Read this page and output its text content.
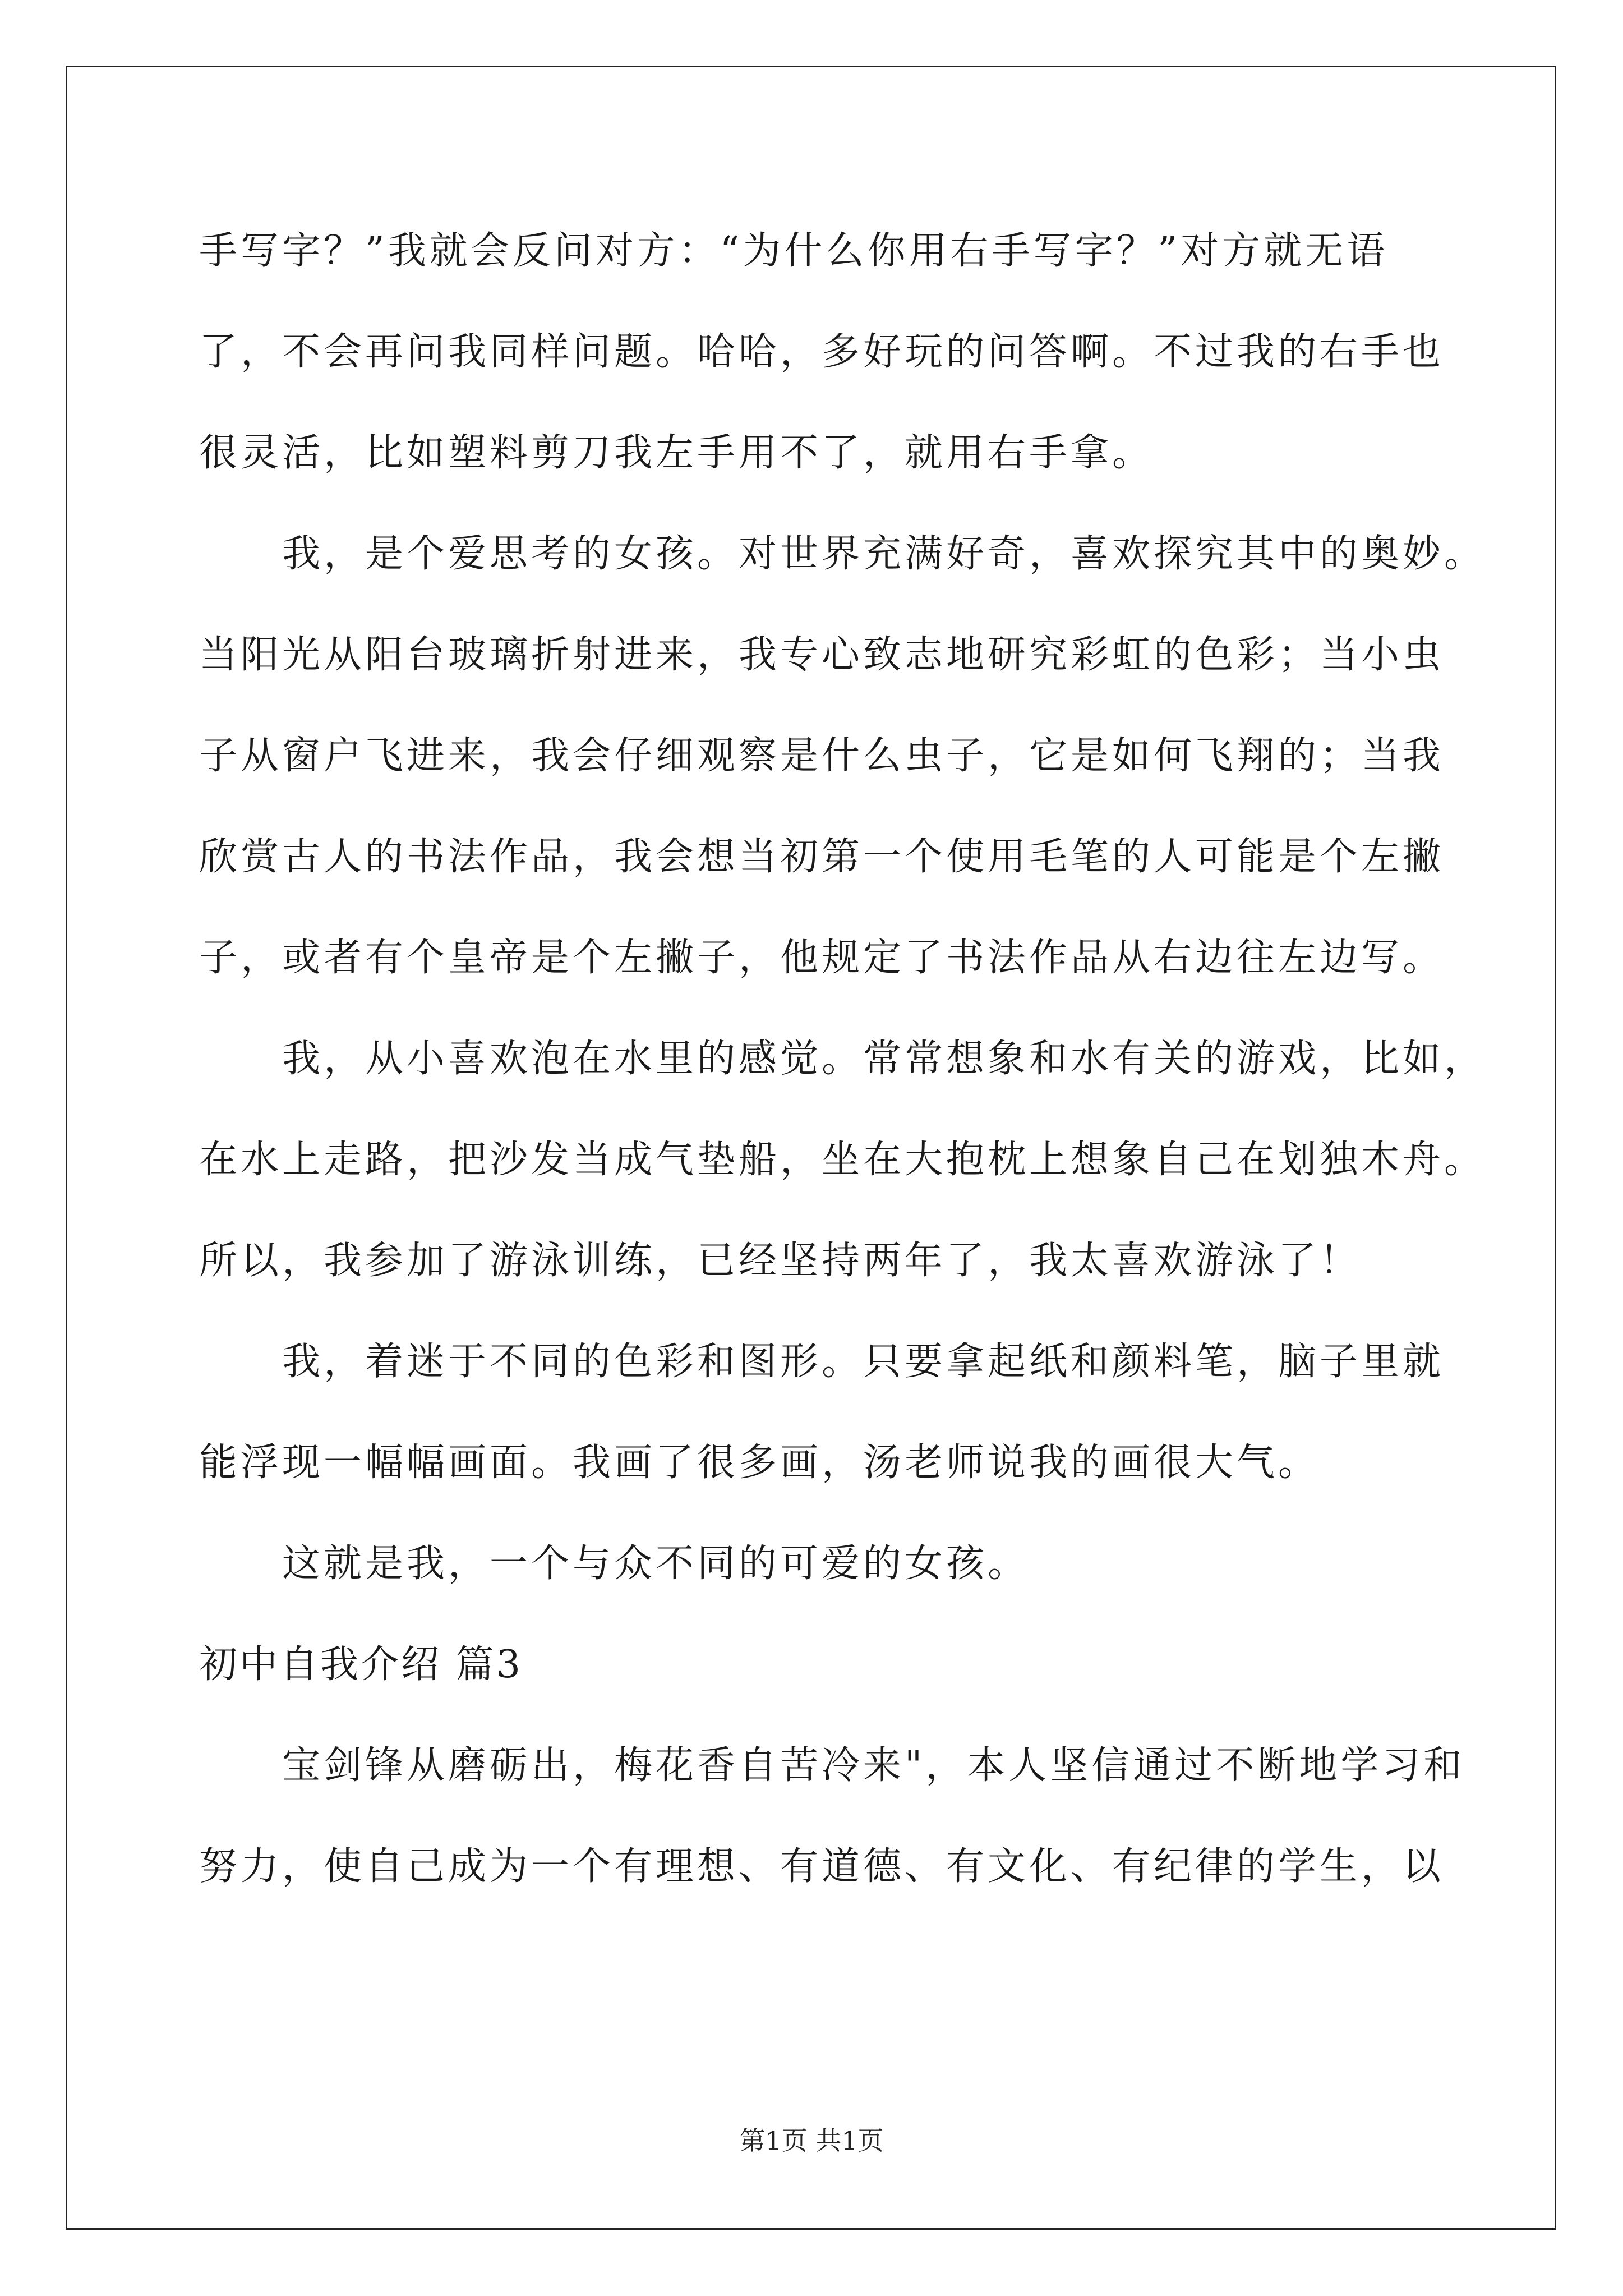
手写字？”我就会反问对方：“为什么你用右手写字？”对方就无语
了，不会再问我同样问题。哈哈，多好玩的问答啊。不过我的右手也
很灵活，比如塑料剪刀我左手用不了，就用右手拿。
我，是个爱思考的女孩。对世界充满好奇，喜欢探究其中的奥妙。
当阳光从阳台玻璃折射进来，我专心致志地研究彩虹的色彩；当小虫
子从窗户飞进来，我会仔细观察是什么虫子，它是如何飞翔的；当我
欣赏古人的书法作品，我会想当初第一个使用毛笔的人可能是个左撇
子，或者有个皇帝是个左撇子，他规定了书法作品从右边往左边写。
我，从小喜欢泡在水里的感觉。常常想象和水有关的游戏，比如，
在水上走路，把沙发当成气垫船，坐在大抱枕上想象自己在划独木舟。
所以，我参加了游泳训练，已经坚持两年了，我太喜欢游泳了！
我，着迷于不同的色彩和图形。只要拿起纸和颜料笔，脑子里就
能浮现一幅幅画面。我画了很多画，汤老师说我的画很大气。
这就是我，一个与众不同的可爱的女孩。
初中自我介绍 篇3
宝剑锋从磨砺出，梅花香自苦冷来"，本人坚信通过不断地学习和
努力，使自己成为一个有理想、有道德、有文化、有纪律的学生，以
第1页 共1页
